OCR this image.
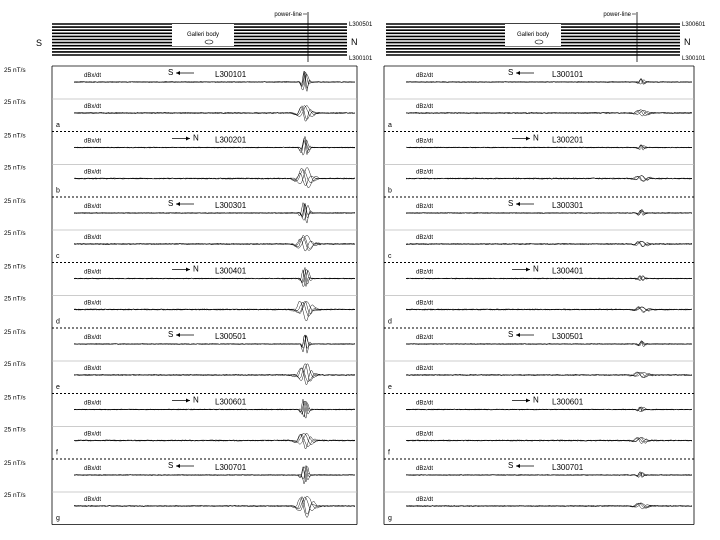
Galleri body
power-line
L300501
N
L300101
S
Galleri body
power-line
L300601
N
L300101
25 nT/s
25 nT/s
dBx/dt
dBx/dt
a
L300101
S
25 nT/s
25 nT/s
dBx/dt
dBx/dt
b
L300201
N
25 nT/s
25 nT/s
dBx/dt
dBx/dt
c
L300301
S
25 nT/s
25 nT/s
dBx/dt
dBx/dt
d
L300401
N
25 nT/s
25 nT/s
dBx/dt
dBx/dt
e
L300501
S
25 nT/s
25 nT/s
dBx/dt
dBx/dt
f
L300601
N
25 nT/s
25 nT/s
dBx/dt
dBx/dt
g
L300701
S
dBz/dt
dBz/dt
a
L300101
S
dBz/dt
dBz/dt
b
L300201
N
dBz/dt
dBz/dt
c
L300301
S
dBz/dt
dBz/dt
d
L300401
N
dBz/dt
dBz/dt
e
L300501
S
dBz/dt
dBz/dt
f
L300601
N
dBz/dt
dBz/dt
g
L300701
S
